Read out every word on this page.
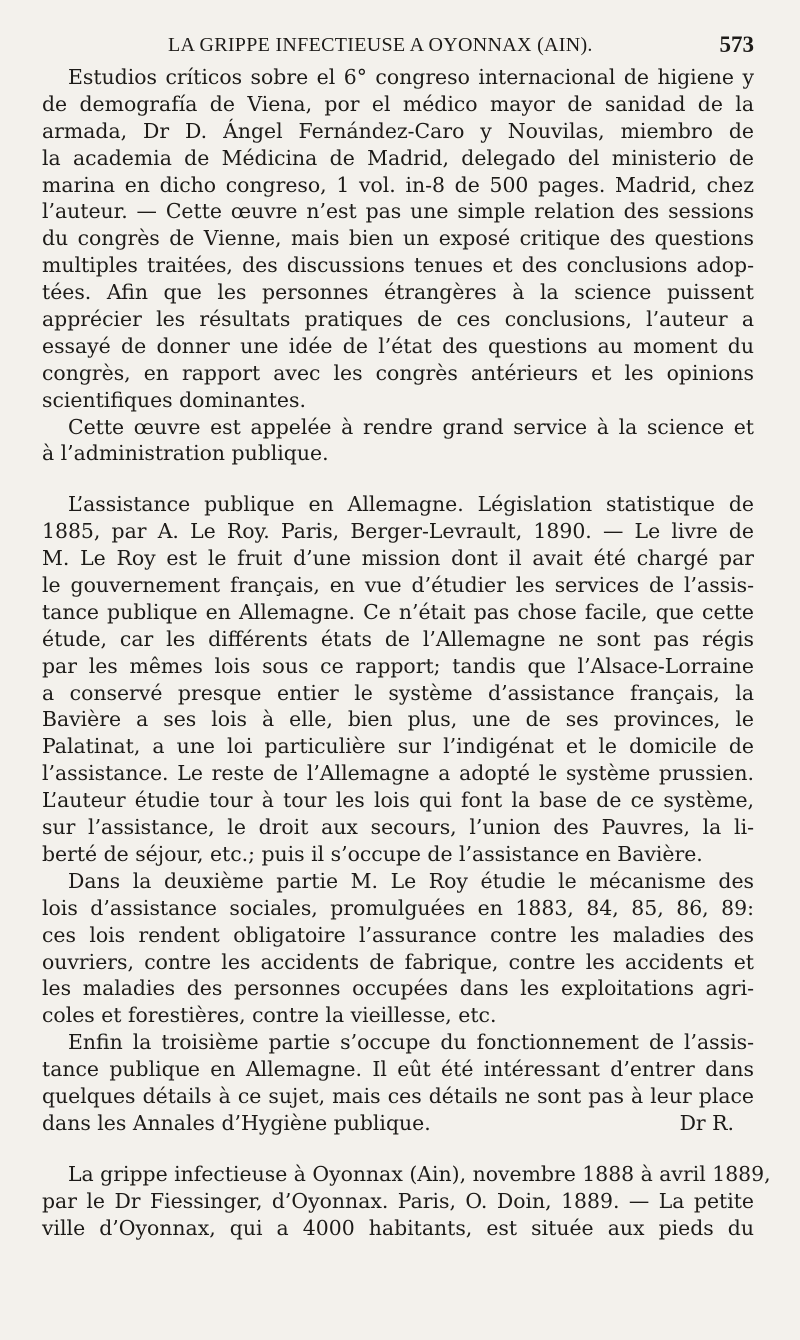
LA GRIPPE INFECTIEUSE A OYONNAX (AIN).	573
Estudios críticos sobre el 6° congreso internacional de higiene y
de demografía de Viena, por el médico mayor de sanidad de la
armada, Dr D. Ángel Fernández-Caro y Nouvilas, miembro de
la academia de Médicina de Madrid, delegado del ministerio de
marina en dicho congreso, 1 vol. in-8 de 500 pages. Madrid, chez
l’auteur. — Cette œuvre n’est pas une simple relation des sessions
du congrès de Vienne, mais bien un exposé critique des questions
multiples traitées, des discussions tenues et des conclusions adop-
tées. Afin que les personnes étrangères à la science puissent
apprécier les résultats pratiques de ces conclusions, l’auteur a
essayé de donner une idée de l’état des questions au moment du
congrès, en rapport avec les congrès antérieurs et les opinions
scientifiques dominantes.
Cette œuvre est appelée à rendre grand service à la science et
à l’administration publique.
L’assistance publique en Allemagne. Législation statistique de
1885, par A. Le Roy. Paris, Berger-Levrault, 1890. — Le livre de
M. Le Roy est le fruit d’une mission dont il avait été chargé par
le gouvernement français, en vue d’étudier les services de l’assis-
tance publique en Allemagne. Ce n’était pas chose facile, que cette
étude, car les différents états de l’Allemagne ne sont pas régis
par les mêmes lois sous ce rapport; tandis que l’Alsace-Lorraine
a conservé presque entier le système d’assistance français, la
Bavière a ses lois à elle, bien plus, une de ses provinces, le
Palatinat, a une loi particulière sur l’indigénat et le domicile de
l’assistance. Le reste de l’Allemagne a adopté le système prussien.
L’auteur étudie tour à tour les lois qui font la base de ce système,
sur l’assistance, le droit aux secours, l’union des Pauvres, la li-
berté de séjour, etc.; puis il s’occupe de l’assistance en Bavière.
Dans la deuxième partie M. Le Roy étudie le mécanisme des
lois d’assistance sociales, promulguées en 1883, 84, 85, 86, 89:
ces lois rendent obligatoire l’assurance contre les maladies des
ouvriers, contre les accidents de fabrique, contre les accidents et
les maladies des personnes occupées dans les exploitations agri-
coles et forestières, contre la vieillesse, etc.
Enfin la troisième partie s’occupe du fonctionnement de l’assis-
tance publique en Allemagne. Il eût été intéressant d’entrer dans
quelques détails à ce sujet, mais ces détails ne sont pas à leur place
dans les Annales d’Hygiène publique.	Dr R.
La grippe infectieuse à Oyonnax (Ain), novembre 1888 à avril 1889,
par le Dr Fiessinger, d’Oyonnax. Paris, O. Doin, 1889. — La petite
ville d’Oyonnax, qui a 4000 habitants, est située aux pieds du
